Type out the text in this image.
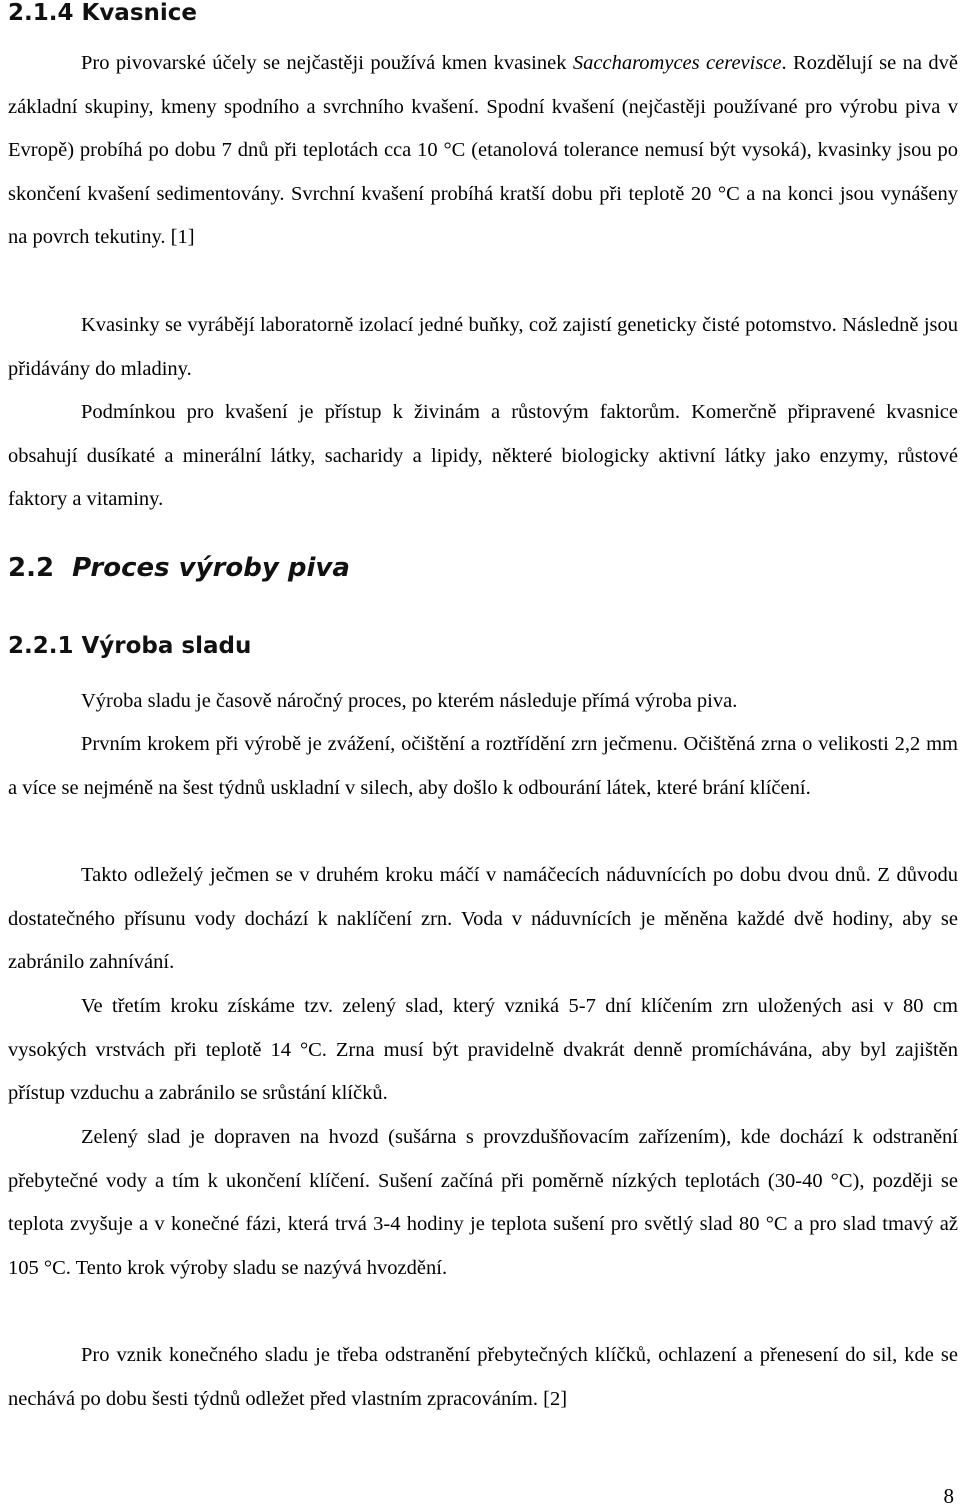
2.1.4 Kvasnice

Pro pivovarské účely se nejčastěji používá kmen kvasinek Saccharomyces cerevisce. Rozdělují se na dvě základní skupiny, kmeny spodního a svrchního kvašení. Spodní kvašení (nejčastěji používané pro výrobu piva v Evropě) probíhá po dobu 7 dnů při teplotách cca 10 °C (etanolová tolerance nemusí být vysoká), kvasinky jsou po skončení kvašení sedimentovány. Svrchní kvašení probíhá kratší dobu při teplotě 20 °C a na konci jsou vynášeny na povrch tekutiny. [1]

Kvasinky se vyrábějí laboratorně izolací jedné buňky, což zajistí geneticky čisté potomstvo. Následně jsou přidávány do mladiny.

Podmínkou pro kvašení je přístup k živinám a růstovým faktorům. Komerčně připravené kvasnice obsahují dusíkaté a minerální látky, sacharidy a lipidy, některé biologicky aktivní látky jako enzymy, růstové faktory a vitaminy.

2.2 Proces výroby piva
2.2.1 Výroba sladu

Výroba sladu je časově náročný proces, po kterém následuje přímá výroba piva.

Prvním krokem při výrobě je zvážení, očištění a roztřídění zrn ječmenu. Očištěná zrna o velikosti 2,2 mm a více se nejméně na šest týdnů uskladní v silech, aby došlo k odbourání látek, které brání klíčení.

Takto odleželý ječmen se v druhém kroku máčí v namáčecích náduvnících po dobu dvou dnů. Z důvodu dostatečného přísunu vody dochází k naklíčení zrn. Voda v náduvnících je měněna každé dvě hodiny, aby se zabránilo zahnívání.

Ve třetím kroku získáme tzv. zelený slad, který vzniká 5-7 dní klíčením zrn uložených asi v 80 cm vysokých vrstvách při teplotě 14 °C. Zrna musí být pravidelně dvakrát denně promíchávána, aby byl zajištěn přístup vzduchu a zabránilo se srůstání klíčků.

Zelený slad je dopraven na hvozd (sušárna s provzdušňovacím zařízením), kde dochází k odstranění přebytečné vody a tím k ukončení klíčení. Sušení začíná při poměrně nízkých teplotách (30-40 °C), později se teplota zvyšuje a v konečné fázi, která trvá 3-4 hodiny je teplota sušení pro světlý slad 80 °C a pro slad tmavý až 105 °C. Tento krok výroby sladu se nazývá hvozdění.

Pro vznik konečného sladu je třeba odstranění přebytečných klíčků, ochlazení a přenesení do sil, kde se nechává po dobu šesti týdnů odležet před vlastním zpracováním. [2]

8
